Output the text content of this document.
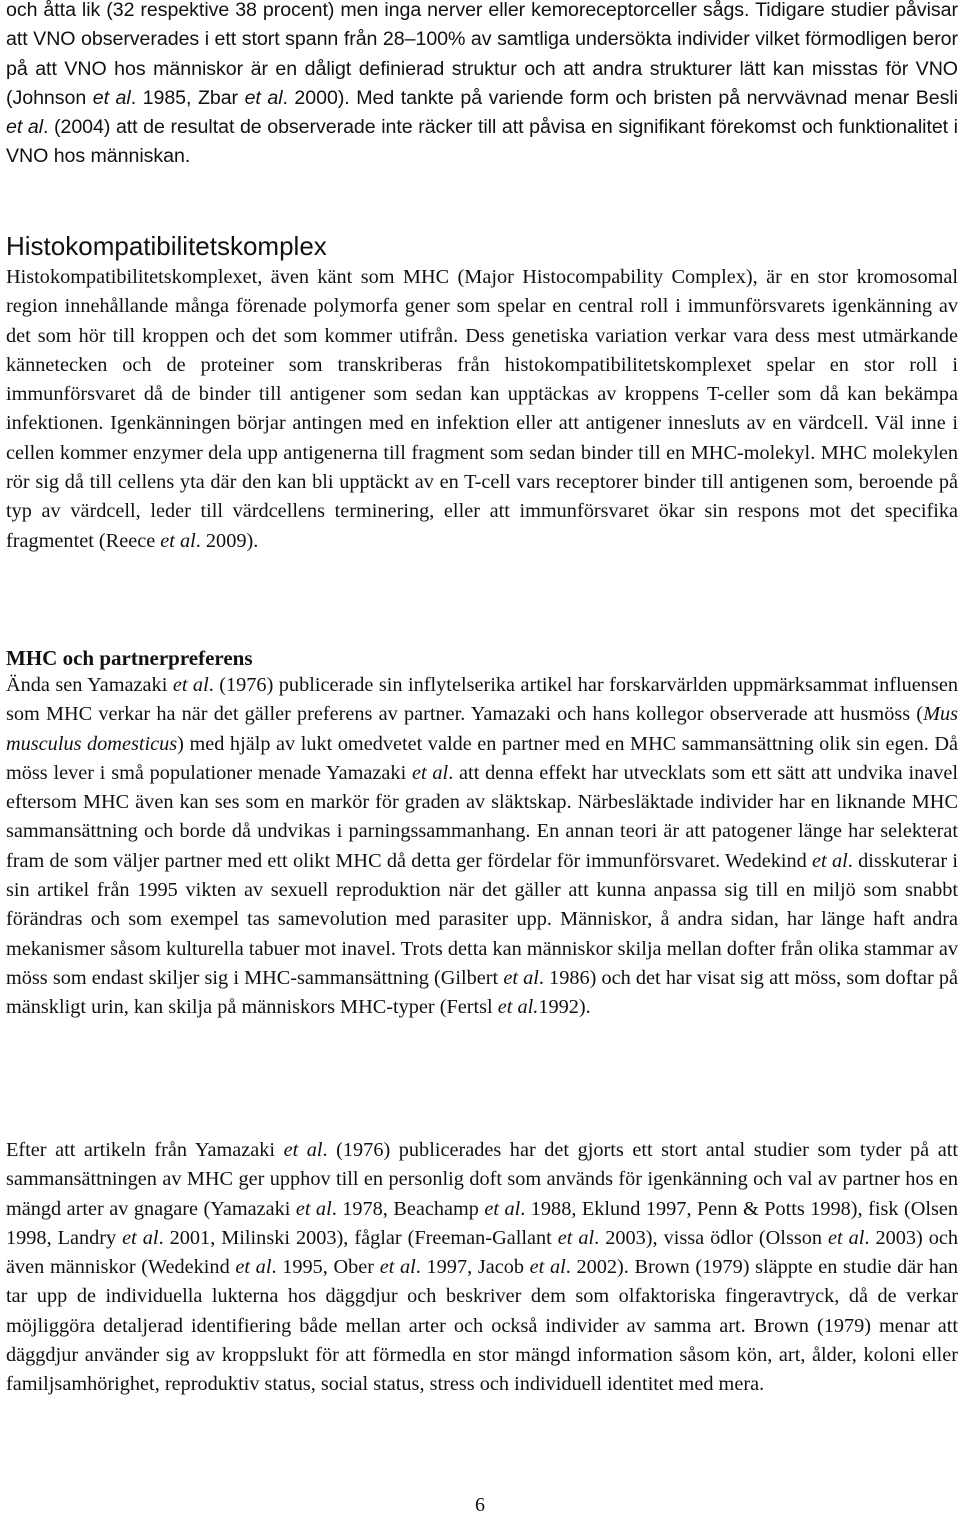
och åtta lik (32 respektive 38 procent) men inga nerver eller kemoreceptorceller sågs. Tidigare studier påvisar att VNO observerades i ett stort spann från 28–100% av samtliga undersökta individer vilket förmodligen beror på att VNO hos människor är en dåligt definierad struktur och att andra strukturer lätt kan misstas för VNO (Johnson et al. 1985, Zbar et al. 2000). Med tankte på variende form och bristen på nervvävnad menar Besli et al. (2004) att de resultat de observerade inte räcker till att påvisa en signifikant förekomst och funktionalitet i VNO hos människan.

Histokompatibilitetskomplex

Histokompatibilitetskomplexet, även känt som MHC (Major Histocompability Complex), är en stor kromosomal region innehållande många förenade polymorfa gener som spelar en central roll i immunförsvarets igenkänning av det som hör till kroppen och det som kommer utifrån. Dess genetiska variation verkar vara dess mest utmärkande kännetecken och de proteiner som transkriberas från histokompatibilitetskomplexet spelar en stor roll i immunförsvaret då de binder till antigener som sedan kan upptäckas av kroppens T-celler som då kan bekämpa infektionen. Igenkänningen börjar antingen med en infektion eller att antigener innesluts av en värdcell. Väl inne i cellen kommer enzymer dela upp antigenerna till fragment som sedan binder till en MHC-molekyl. MHC molekylen rör sig då till cellens yta där den kan bli upptäckt av en T-cell vars receptorer binder till antigenen som, beroende på typ av värdcell, leder till värdcellens terminering, eller att immunförsvaret ökar sin respons mot det specifika fragmentet (Reece et al. 2009).

MHC och partnerpreferens

Ända sen Yamazaki et al. (1976) publicerade sin inflytelserika artikel har forskarvärlden uppmärksammat influensen som MHC verkar ha när det gäller preferens av partner. Yamazaki och hans kollegor observerade att husmöss (Mus musculus domesticus) med hjälp av lukt omedvetet valde en partner med en MHC sammansättning olik sin egen. Då möss lever i små populationer menade Yamazaki et al. att denna effekt har utvecklats som ett sätt att undvika inavel eftersom MHC även kan ses som en markör för graden av släktskap. Närbesläktade individer har en liknande MHC sammansättning och borde då undvikas i parningssammanhang. En annan teori är att patogener länge har selekterat fram de som väljer partner med ett olikt MHC då detta ger fördelar för immunförsvaret. Wedekind et al. disskuterar i sin artikel från 1995 vikten av sexuell reproduktion när det gäller att kunna anpassa sig till en miljö som snabbt förändras och som exempel tas samevolution med parasiter upp. Människor, å andra sidan, har länge haft andra mekanismer såsom kulturella tabuer mot inavel. Trots detta kan människor skilja mellan dofter från olika stammar av möss som endast skiljer sig i MHC-sammansättning (Gilbert et al. 1986) och det har visat sig att möss, som doftar på mänskligt urin, kan skilja på människors MHC-typer (Fertsl et al.1992).

Efter att artikeln från Yamazaki et al. (1976) publicerades har det gjorts ett stort antal studier som tyder på att sammansättningen av MHC ger upphov till en personlig doft som används för igenkänning och val av partner hos en mängd arter av gnagare (Yamazaki et al. 1978, Beachamp et al. 1988, Eklund 1997, Penn & Potts 1998), fisk (Olsen 1998, Landry et al. 2001, Milinski 2003), fåglar (Freeman-Gallant et al. 2003), vissa ödlor (Olsson et al. 2003) och även människor (Wedekind et al. 1995, Ober et al. 1997, Jacob et al. 2002). Brown (1979) släppte en studie där han tar upp de individuella lukterna hos däggdjur och beskriver dem som olfaktoriska fingeravtryck, då de verkar möjliggöra detaljerad identifiering både mellan arter och också individer av samma art. Brown (1979) menar att däggdjur använder sig av kroppslukt för att förmedla en stor mängd information såsom kön, art, ålder, koloni eller familjsamhörighet, reproduktiv status, social status, stress och individuell identitet med mera.

6
